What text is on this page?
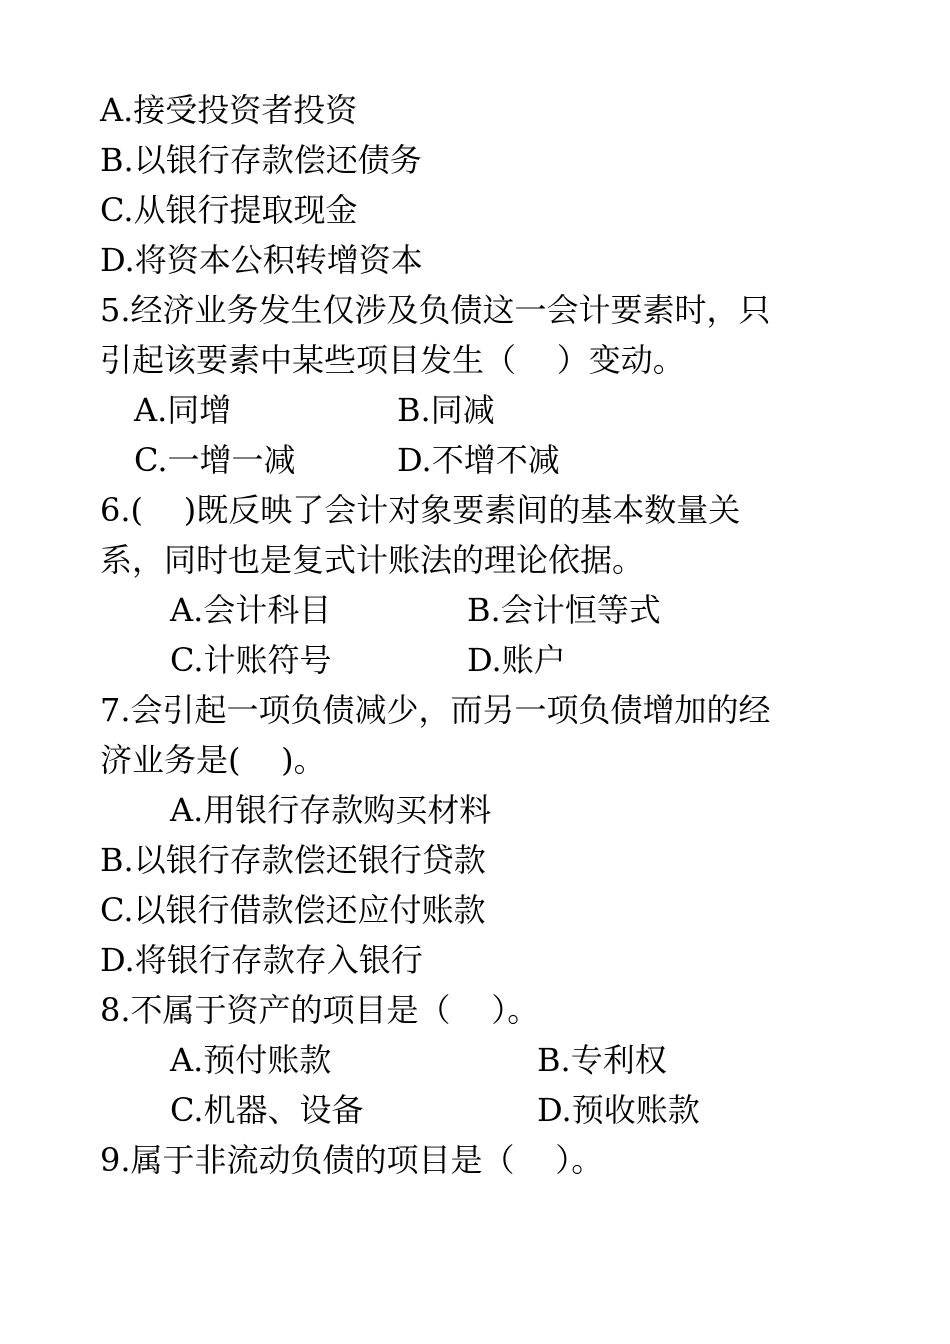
A.接受投资者投资
B.以银行存款偿还债务
C.从银行提取现金
D.将资本公积转增资本
5.经济业务发生仅涉及负债这一会计要素时，只
引起该要素中某些项目发生（    ）变动。
A.同增	B.同减
C.一增一减	D.不增不减
6.(    )既反映了会计对象要素间的基本数量关
系，同时也是复式计账法的理论依据。
A.会计科目	B.会计恒等式
C.计账符号	D.账户
7.会引起一项负债减少，而另一项负债增加的经
济业务是(    )。
A.用银行存款购买材料
B.以银行存款偿还银行贷款
C.以银行借款偿还应付账款
D.将银行存款存入银行
8.不属于资产的项目是（    ）。
A.预付账款	B.专利权
C.机器、设备	D.预收账款
9.属于非流动负债的项目是（    ）。
